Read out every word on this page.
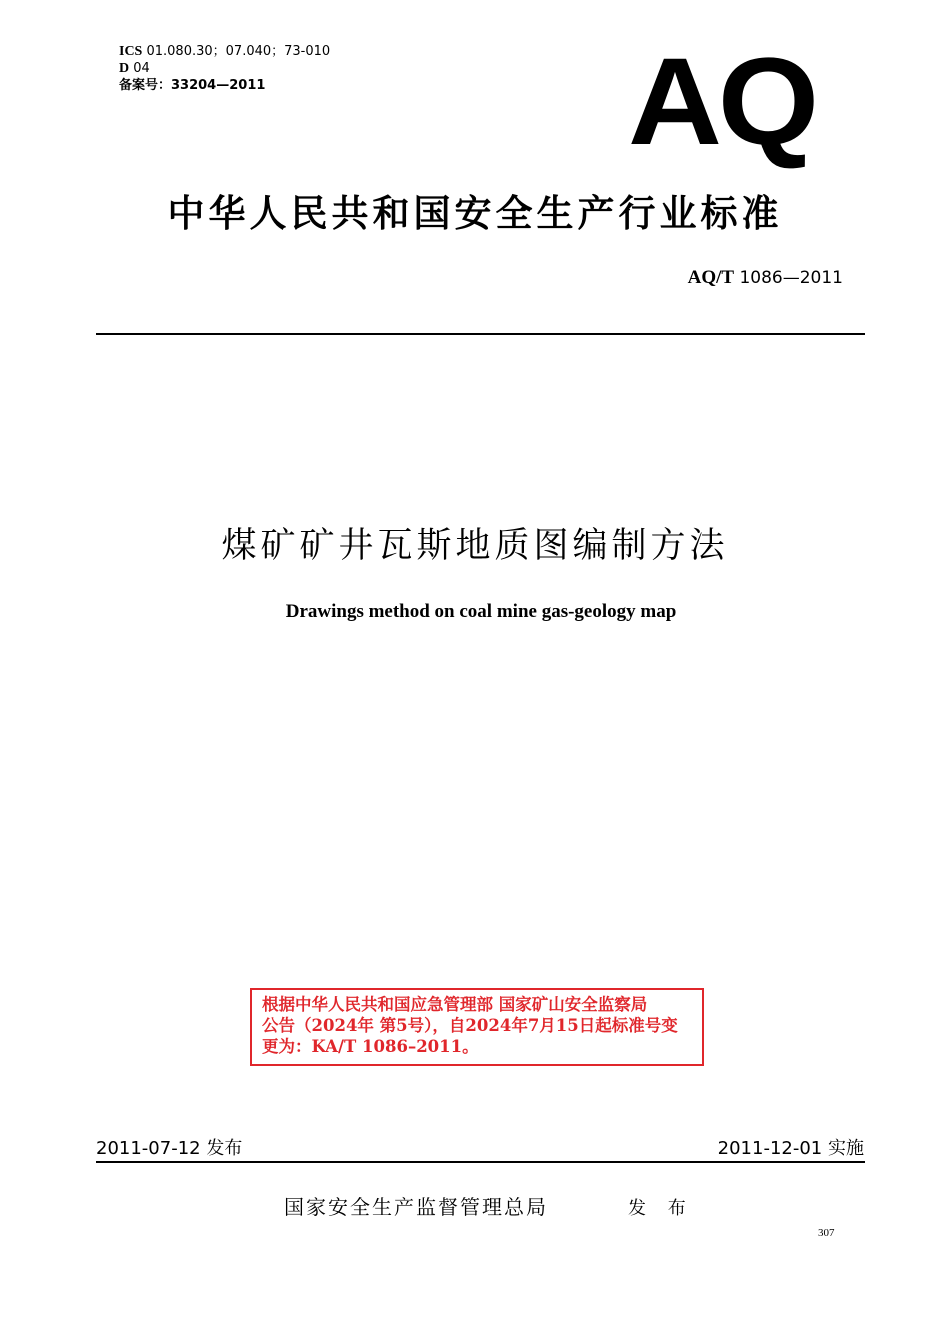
ICS 01.080.30；07.040；73-010
D 04
备案号：33204—2011	AQ
中华人民共和国安全生产行业标准
AQ/T 1086—2011
煤矿矿井瓦斯地质图编制方法
Drawings method on coal mine gas-geology map
根据中华人民共和国应急管理部 国家矿山安全监察局
公告（2024年 第5号），自2024年7月15日起标准号变
更为：KA/T 1086–2011。
2011-07-12 发布	2011-12-01 实施
国家安全生产监督管理总局	发 布
307
